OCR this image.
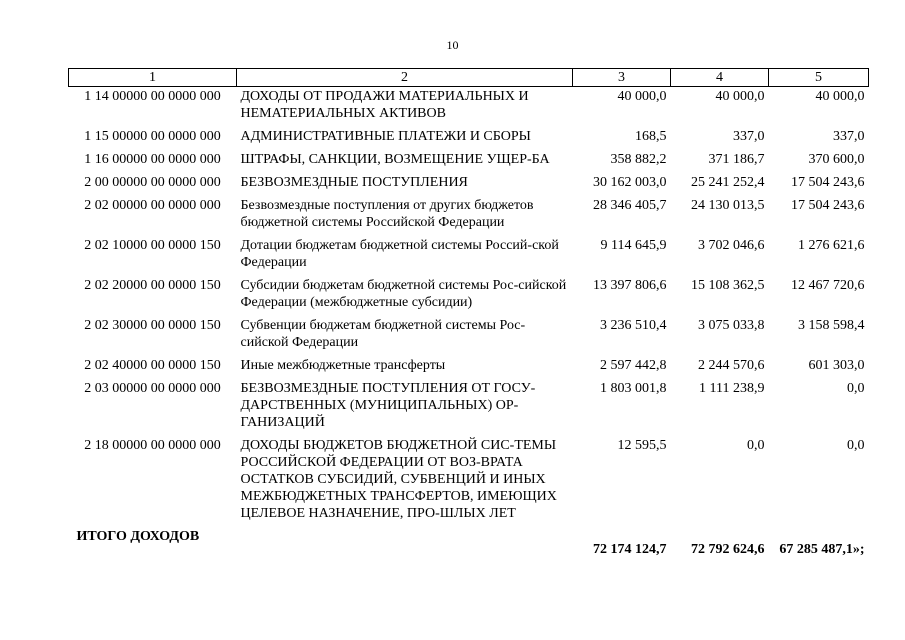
10
1	2	3	4	5
1 14 00000 00 0000 000	ДОХОДЫ ОТ ПРОДАЖИ МАТЕРИАЛЬНЫХ И НЕМАТЕРИАЛЬНЫХ АКТИВОВ	40 000,0	40 000,0	40 000,0
1 15 00000 00 0000 000	АДМИНИСТРАТИВНЫЕ ПЛАТЕЖИ И СБОРЫ	168,5	337,0	337,0
1 16 00000 00 0000 000	ШТРАФЫ, САНКЦИИ, ВОЗМЕЩЕНИЕ УЩЕР-БА	358 882,2	371 186,7	370 600,0
2 00 00000 00 0000 000	БЕЗВОЗМЕЗДНЫЕ ПОСТУПЛЕНИЯ	30 162 003,0	25 241 252,4	17 504 243,6
2 02 00000 00 0000 000	Безвозмездные поступления от других бюджетов бюджетной системы Российской Федерации	28 346 405,7	24 130 013,5	17 504 243,6
2 02 10000 00 0000 150	Дотации бюджетам бюджетной системы Россий-ской Федерации	9 114 645,9	3 702 046,6	1 276 621,6
2 02 20000 00 0000 150	Субсидии бюджетам бюджетной системы Рос-сийской Федерации (межбюджетные субсидии)	13 397 806,6	15 108 362,5	12 467 720,6
2 02 30000 00 0000 150	Субвенции бюджетам бюджетной системы Рос-сийской Федерации	3 236 510,4	3 075 033,8	3 158 598,4
2 02 40000 00 0000 150	Иные межбюджетные трансферты	2 597 442,8	2 244 570,6	601 303,0
2 03 00000 00 0000 000	БЕЗВОЗМЕЗДНЫЕ ПОСТУПЛЕНИЯ ОТ ГОСУ-ДАРСТВЕННЫХ (МУНИЦИПАЛЬНЫХ) ОР-ГАНИЗАЦИЙ	1 803 001,8	1 111 238,9	0,0
2 18 00000 00 0000 000	ДОХОДЫ БЮДЖЕТОВ БЮДЖЕТНОЙ СИС-ТЕМЫ РОССИЙСКОЙ ФЕДЕРАЦИИ ОТ ВОЗ-ВРАТА ОСТАТКОВ СУБСИДИЙ, СУБВЕНЦИЙ И ИНЫХ МЕЖБЮДЖЕТНЫХ ТРАНСФЕРТОВ, ИМЕЮЩИХ ЦЕЛЕВОЕ НАЗНАЧЕНИЕ, ПРО-ШЛЫХ ЛЕТ	12 595,5	0,0	0,0
ИТОГО ДОХОДОВ		72 174 124,7	72 792 624,6	67 285 487,1»;
